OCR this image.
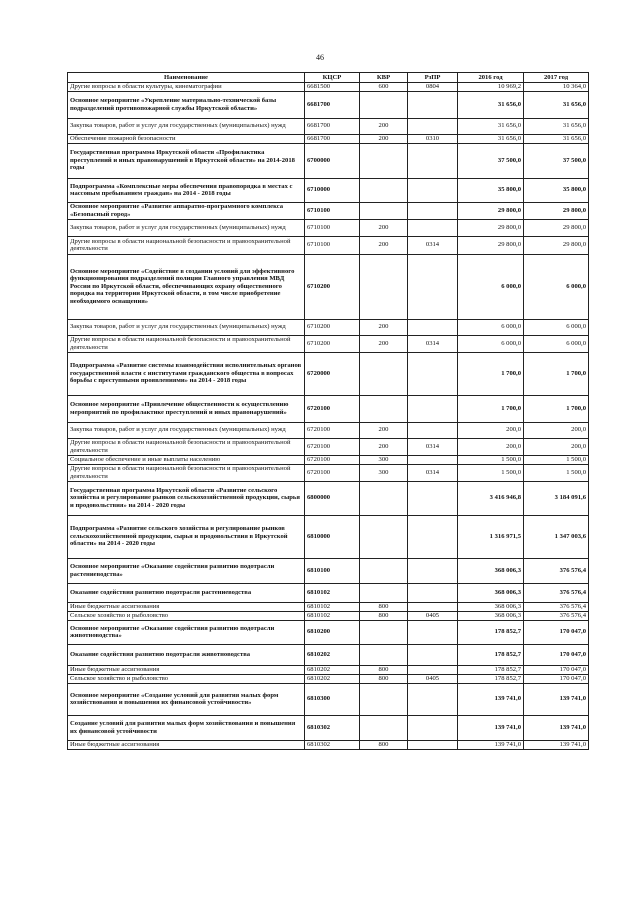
46
Наименование	КЦСР	КВР	РзПР	2016 год	2017 год
Другие вопросы в области культуры, кинематографии	6681500	600	0804	10 969,2	10 364,0
Основное мероприятие «Укрепление материально-технической базы подразделений противопожарной службы Иркутской области»	6681700			31 656,0	31 656,0
Закупка товаров, работ и услуг для государственных (муниципальных) нужд	6681700	200		31 656,0	31 656,0
Обеспечение пожарной безопасности	6681700	200	0310	31 656,0	31 656,0
Государственная программа Иркутской области «Профилактика преступлений и иных правонарушений в Иркутской области» на 2014-2018 годы	6700000			37 500,0	37 500,0
Подпрограмма «Комплексные меры обеспечения правопорядка в местах с массовым пребыванием граждан» на 2014 - 2018 годы	6710000			35 800,0	35 800,0
Основное мероприятие «Развитие аппаратно-программного комплекса «Безопасный город»	6710100			29 800,0	29 800,0
Закупка товаров, работ и услуг для государственных (муниципальных) нужд	6710100	200		29 800,0	29 800,0
Другие вопросы в области национальной безопасности и правоохранительной деятельности	6710100	200	0314	29 800,0	29 800,0
Основное мероприятие «Содействие в создании условий для эффективного функционирования подразделений полиции Главного управления МВД России по Иркутской области, обеспечивающих охрану общественного порядка на территории Иркутской области, в том числе приобретение необходимого оснащения»	6710200			6 000,0	6 000,0
Закупка товаров, работ и услуг для государственных (муниципальных) нужд	6710200	200		6 000,0	6 000,0
Другие вопросы в области национальной безопасности и правоохранительной деятельности	6710200	200	0314	6 000,0	6 000,0
Подпрограмма «Развитие системы взаимодействия исполнительных органов государственной власти с институтами гражданского общества в вопросах борьбы с преступными проявлениями» на 2014 - 2018 годы	6720000			1 700,0	1 700,0
Основное мероприятие «Привлечение общественности к осуществлению мероприятий по профилактике преступлений и иных правонарушений»	6720100			1 700,0	1 700,0
Закупка товаров, работ и услуг для государственных (муниципальных) нужд	6720100	200		200,0	200,0
Другие вопросы в области национальной безопасности и правоохранительной деятельности	6720100	200	0314	200,0	200,0
Социальное обеспечение и иные выплаты населению	6720100	300		1 500,0	1 500,0
Другие вопросы в области национальной безопасности и правоохранительной деятельности	6720100	300	0314	1 500,0	1 500,0
Государственная программа Иркутской области «Развитие сельского хозяйства и регулирование рынков сельскохозяйственной продукции, сырья и продовольствия» на 2014 - 2020 годы	6800000			3 416 946,8	3 184 091,6
Подпрограмма «Развитие сельского хозяйства и регулирование рынков сельскохозяйственной продукции, сырья и продовольствия в Иркутской области» на 2014 - 2020 годы	6810000			1 316 971,5	1 347 003,6
Основное мероприятие «Оказание содействия развитию подотрасли растениеводства»	6810100			368 006,3	376 576,4
Оказание содействия развитию подотрасли растениеводства	6810102			368 006,3	376 576,4
Иные бюджетные ассигнования	6810102	800		368 006,3	376 576,4
Сельское хозяйство и рыболовство	6810102	800	0405	368 006,3	376 576,4
Основное мероприятие «Оказание содействия развитию подотрасли животноводства»	6810200			178 852,7	170 047,0
Оказание содействия развитию подотрасли животноводства	6810202			178 852,7	170 047,0
Иные бюджетные ассигнования	6810202	800		178 852,7	170 047,0
Сельское хозяйство и рыболовство	6810202	800	0405	178 852,7	170 047,0
Основное мероприятие «Создание условий для развития малых форм хозяйствования и повышения их финансовой устойчивости»	6810300			139 741,0	139 741,0
Создание условий для развития малых форм хозяйствования и повышения их финансовой устойчивости	6810302			139 741,0	139 741,0
Иные бюджетные ассигнования	6810302	800		139 741,0	139 741,0
